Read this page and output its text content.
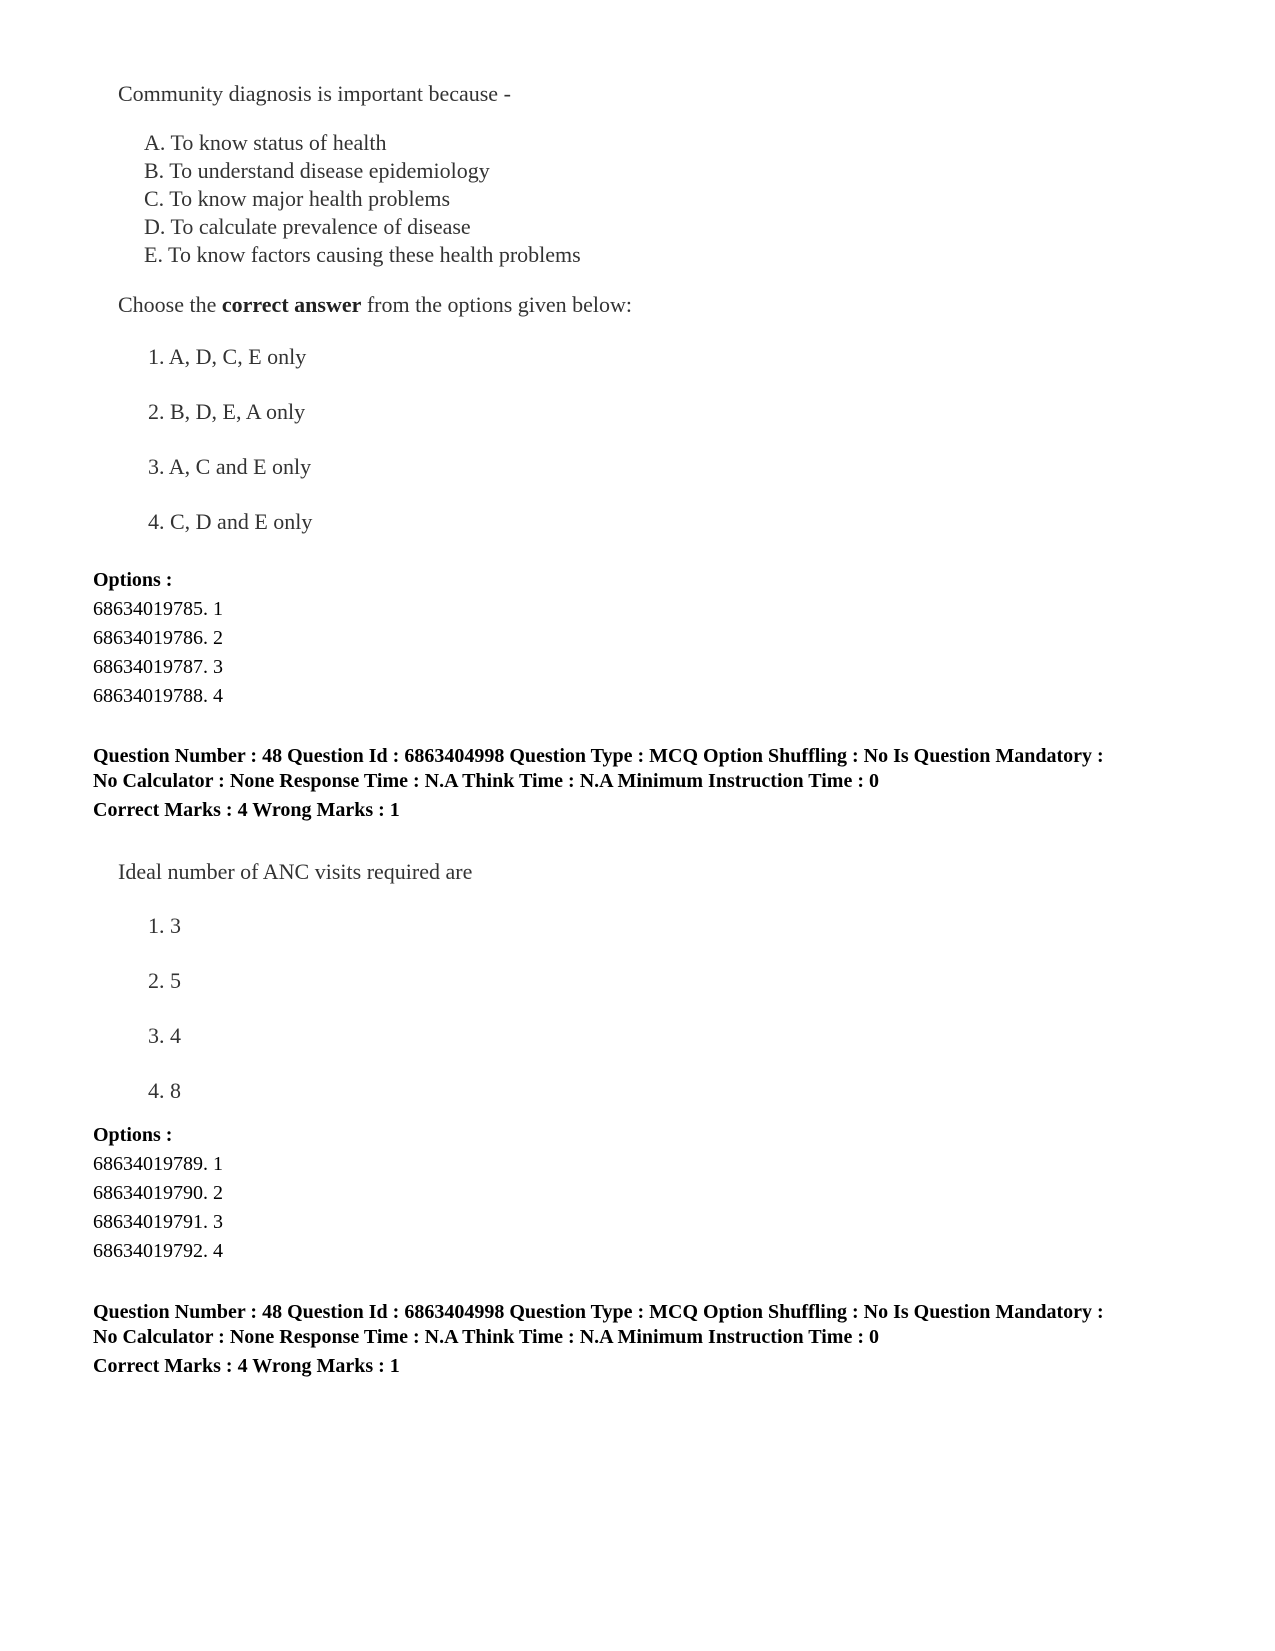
Community diagnosis is important because -

A. To know status of health
B. To understand disease epidemiology
C. To know major health problems
D. To calculate prevalence of disease
E. To know factors causing these health problems
Choose the correct answer from the options given below:
1. A, D, C, E only
2. B, D, E, A only
3. A, C and E only
4. C, D and E only
Options :
68634019785. 1
68634019786. 2
68634019787. 3
68634019788. 4
Question Number : 48 Question Id : 6863404998 Question Type : MCQ Option Shuffling : No Is Question Mandatory :
No Calculator : None Response Time : N.A Think Time : N.A Minimum Instruction Time : 0
Correct Marks : 4 Wrong Marks : 1

Ideal number of ANC visits required are

1. 3
2. 5
3. 4
4. 8
Options :
68634019789. 1
68634019790. 2
68634019791. 3
68634019792. 4
Question Number : 48 Question Id : 6863404998 Question Type : MCQ Option Shuffling : No Is Question Mandatory :
No Calculator : None Response Time : N.A Think Time : N.A Minimum Instruction Time : 0
Correct Marks : 4 Wrong Marks : 1
